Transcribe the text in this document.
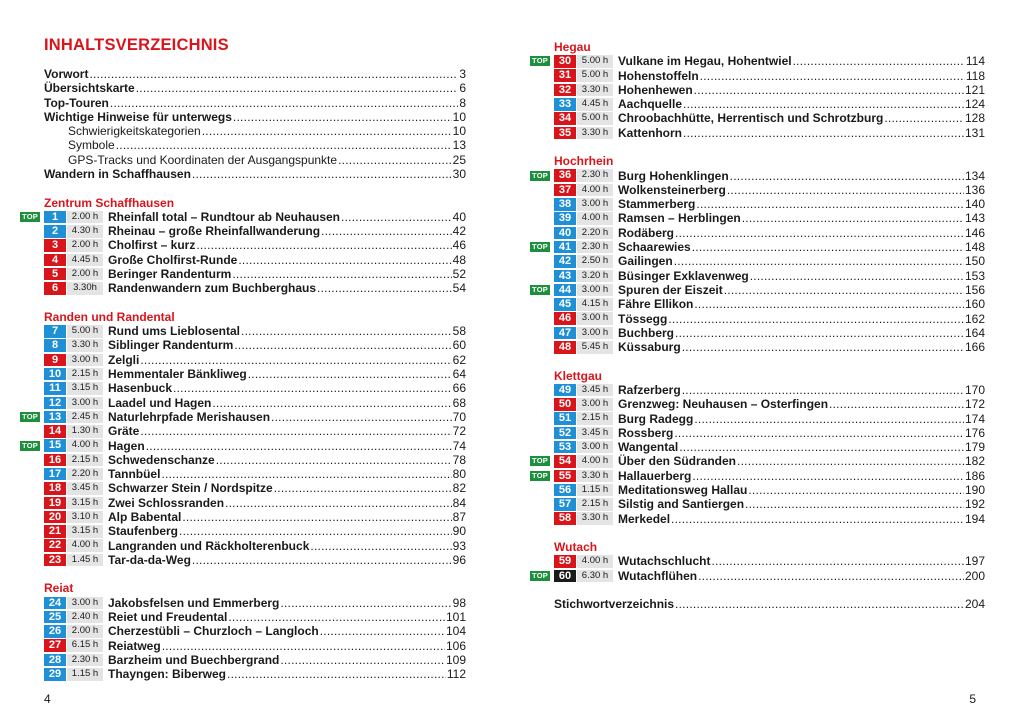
INHALTSVERZEICHNIS
Vorwort . . .	3
Übersichtskarte . . .	6
Top-Touren . . .	8
Wichtige Hinweise für unterwegs . . .	10
Schwierigkeitskategorien . . .	10
Symbole . . .	13
GPS-Tracks und Koordinaten der Ausgangspunkte . . .	25
Wandern in Schaffhausen . . .	30
Zentrum Schaffhausen
TOP	1	2.00 h Rheinfall total – Rundtour ab Neuhausen . . .	40
2	4.30 h Rheinau – große Rheinfallwanderung . . .	42
3	2.00 h Cholfirst – kurz . . .	46
4	4.45 h Große Cholfirst-Runde . . .	48
5	2.00 h Beringer Randenturm . . .	52
6	3.30h Randenwandern zum Buchberghaus . . .	54
Randen und Randental
7	5.00 h Rund ums Lieblosental . . .	58
8	3.30 h Siblinger Randenturm . . .	60
9	3.00 h Zelgli . . .	62
10	2.15 h Hemmentaler Bänkliweg . . .	64
11	3.15 h Hasenbuck . . .	66
12	3.00 h Laadel und Hagen . . .	68
TOP 13	2.45 h Naturlehrpfade Merishausen . . .	70
14	1.30 h Gräte . . .	72
TOP 15	4.00 h Hagen . . .	74
16	2.15 h Schwedenschanze . . .	78
17	2.20 h Tannbüel . . .	80
18	3.45 h Schwarzer Stein / Nordspitze . . .	82
19	3.15 h Zwei Schlossranden . . .	84
20	3.10 h Alp Babental . . .	87
21	3.15 h Staufenberg . . .	90
22	4.00 h Langranden und Räckholterenbuck . . .	93
23	1.45 h Tar-da-da-Weg . . .	96
Reiat
24	3.00 h Jakobsfelsen und Emmerberg . . .	98
25	2.40 h Reiet und Freudental . . .	101
26	2.00 h Cherzestübli – Churzloch – Langloch . . .	104
27	6.15 h Reiatweg . . .	106
28	2.30 h Barzheim und Buechbergrand . . .	109
29	1.15 h Thayngen: Biberweg . . .	112
4
Hegau
TOP 30	5.00 h Vulkane im Hegau, Hohentwiel . . .	114
31	5.00 h Hohenstoffeln . . .	118
32	3.30 h Hohenhewen . . .	121
33	4.45 h Aachquelle . . .	124
34	5.00 h Chroobachhütte, Herrentisch und Schrotzburg . . .	128
35	3.30 h Kattenhorn . . .	131
Hochrhein
TOP 36	2.30 h Burg Hohenklingen . . .	134
37	4.00 h Wolkensteinerberg . . .	136
38	3.00 h Stammerberg . . .	140
39	4.00 h Ramsen – Herblingen . . .	143
40	2.20 h Rodäberg . . .	146
TOP 41	2.30 h Schaarewies . . .	148
42	2.50 h Gailingen . . .	150
43	3.20 h Büsinger Exklavenweg . . .	153
TOP 44	3.00 h Spuren der Eiszeit . . .	156
45	4.15 h Fähre Ellikon . . .	160
46	3.00 h Tössegg . . .	162
47	3.00 h Buchberg . . .	164
48	5.45 h Küssaburg . . .	166
Klettgau
49	3.45 h Rafzerberg . . .	170
50	3.00 h Grenzweg: Neuhausen – Osterfingen . . .	172
51	2.15 h Burg Radegg . . .	174
52	3.45 h Rossberg . . .	176
53	3.00 h Wangental . . .	179
TOP 54	4.00 h Über den Südranden . . .	182
TOP 55	3.30 h Hallauerberg . . .	186
56	1.15 h Meditationsweg Hallau . . .	190
57	2.15 h Silstig and Santiergen . . .	192
58	3.30 h Merkedel . . .	194
Wutach
59	4.00 h Wutachschlucht . . .	197
TOP 60	6.30 h Wutachflühen . . .	200
Stichwortverzeichnis . . .	204
5
